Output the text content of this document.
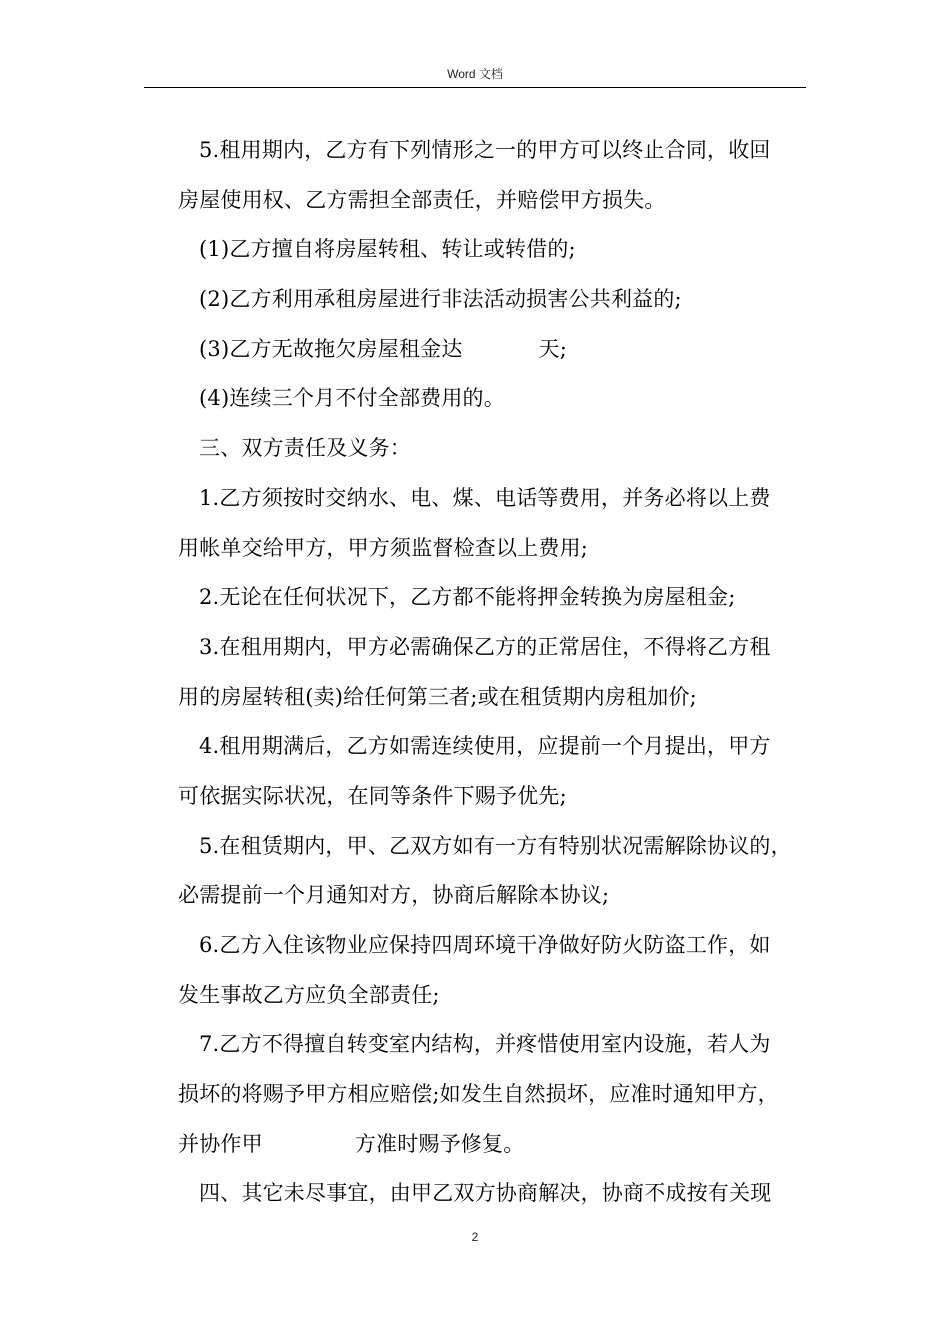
Word 文档
5.租用期内，乙方有下列情形之一的甲方可以终止合同，收回
房屋使用权、乙方需担全部责任，并赔偿甲方损失。
(1)乙方擅自将房屋转租、转让或转借的;
(2)乙方利用承租房屋进行非法活动损害公共利益的;
(3)乙方无故拖欠房屋租金达	天;
(4)连续三个月不付全部费用的。
三、双方责任及义务：
1.乙方须按时交纳水、电、煤、电话等费用，并务必将以上费
用帐单交给甲方，甲方须监督检查以上费用;
2.无论在任何状况下，乙方都不能将押金转换为房屋租金;
3.在租用期内，甲方必需确保乙方的正常居住，不得将乙方租
用的房屋转租(卖)给任何第三者;或在租赁期内房租加价;
4.租用期满后，乙方如需连续使用，应提前一个月提出，甲方
可依据实际状况，在同等条件下赐予优先;
5.在租赁期内，甲、乙双方如有一方有特别状况需解除协议的，
必需提前一个月通知对方，协商后解除本协议;
6.乙方入住该物业应保持四周环境干净做好防火防盗工作，如
发生事故乙方应负全部责任;
7.乙方不得擅自转变室内结构，并疼惜使用室内设施，若人为
损坏的将赐予甲方相应赔偿;如发生自然损坏，应准时通知甲方，
并协作甲	方准时赐予修复。
四、其它未尽事宜，由甲乙双方协商解决，协商不成按有关现
2
